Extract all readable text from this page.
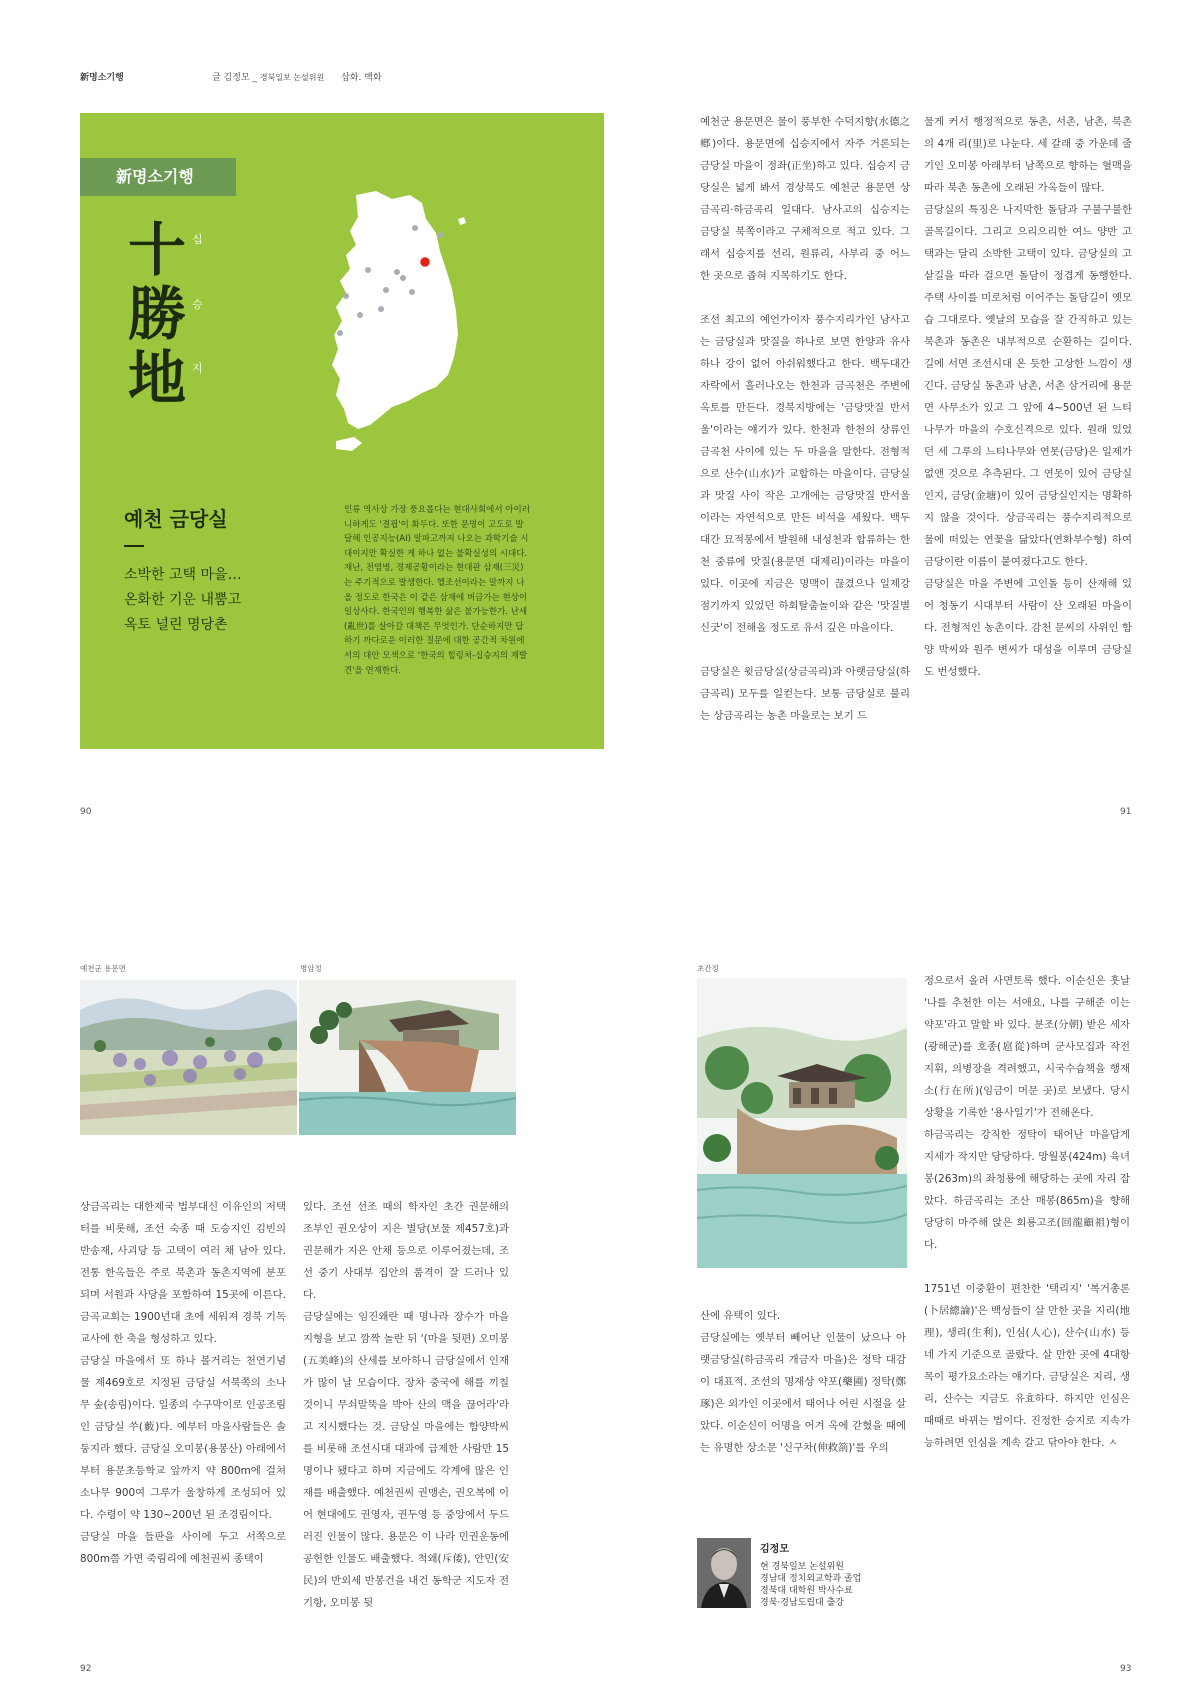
新명소기행	글 김정모 _ 경북일보 논설위원 삽화. 백화
新명소기행
十
勝
地
십
승
지
예천 금당실
소박한 고택 마을…
온화한 기운 내뿜고
옥토 널린 명당촌

인류 역사상 가장 풍요롭다는 현대사회에서 아이러니하게도 '결핍'이 화두다. 또한 문명이 고도로 발달해 인공지능(AI) 알파고까지 나오는 과학기술 시대이지만 확실한 게 하나 없는 불확실성의 시대다.

재난, 전염병, 경제공황이라는 현대판 삼재(三災)는 주기적으로 발생한다. 헬조선이라는 말까지 나올 정도로 한국은 이 같은 삼재에 버금가는 현상이 일상사다. 한국인의 행복한 삶은 불가능한가. 난세(亂世)를 살아갈 대책은 무엇인가. 단순하지만 답하기 까다로운 이러한 질문에 대한 공간적 차원에서의 대안 모색으로 '한국의 힐링처-십승지의 재발견'을 연재한다.

90

예천군 용문면은 물이 풍부한 수덕지향(水德之鄕)이다. 용문면에 십승지에서 자주 거론되는 금당실 마을이 정좌(正坐)하고 있다. 십승지 금당실은 넓게 봐서 경상북도 예천군 용문면 상금곡리·하금곡리 일대다. 남사고의 십승지는 금당실 북쪽이라고 구체적으로 적고 있다. 그래서 십승지를 선리, 원류리, 사부리 중 어느 한 곳으로 좁혀 지목하기도 한다.

조선 최고의 예언가이자 풍수지리가인 남사고는 금당실과 맛질을 하나로 보면 한양과 유사하나 강이 없어 아쉬워했다고 한다. 백두대간 자락에서 흘러나오는 한천과 금곡천은 주변에 옥토를 만든다. 경북지방에는 '금당맛질 반서울'이라는 얘기가 있다. 한천과 한천의 상류인 금곡천 사이에 있는 두 마을을 말한다. 전형적으로 산수(山水)가 교합하는 마을이다. 금당실과 맛질 사이 작은 고개에는 금당맛질 반서울이라는 자연석으로 만든 비석을 세웠다. 백두대간 묘적봉에서 발원해 내성천과 합류하는 한천 중류에 맛질(용문면 대제리)이라는 마을이 있다. 이곳에 지금은 명맥이 끊겼으나 일제강점기까지 있었던 하회탈춤놀이와 같은 '맛질별신굿'이 전해올 정도로 유서 깊은 마을이다.

금당실은 윗금당실(상금곡리)과 아랫금당실(하금곡리) 모두를 일컫는다. 보통 금당실로 불리는 상금곡리는 농촌 마을로는 보기 드

물게 커서 행정적으로 동촌, 서촌, 남촌, 북촌의 4개 리(里)로 나눈다. 세 갈래 중 가운데 줄기인 오미봉 아래부터 남쪽으로 향하는 혈맥을 따라 북촌 동촌에 오래된 가옥들이 많다.

금당실의 특징은 나지막한 돌담과 구불구불한 골목길이다. 그리고 으리으리한 여느 양반 고택과는 달리 소박한 고택이 있다. 금당실의 고샅길을 따라 걸으면 돌담이 정겹게 동행한다. 주택 사이를 미로처럼 이어주는 돌담길이 옛모습 그대로다. 옛날의 모습을 잘 간직하고 있는 북촌과 동촌은 내부적으로 순환하는 길이다. 길에 서면 조선시대 온 듯한 고상한 느낌이 생긴다. 금당실 동촌과 남촌, 서촌 삼거리에 용문면 사무소가 있고 그 앞에 4~500년 된 느티나무가 마을의 수호신격으로 있다. 원래 있었던 세 그루의 느티나무와 연못(금당)은 일제가 없앤 것으로 추측된다. 그 연못이 있어 금당실인지, 금당(金塘)이 있어 금당실인지는 명확하지 않을 것이다. 상금곡리는 풍수지리적으로 물에 떠있는 연꽃을 닮았다(연화부수형) 하여 금당이란 이름이 붙여졌다고도 한다.

금당실은 마을 주변에 고인돌 등이 산재해 있어 청동기 시대부터 사람이 산 오래된 마을이다. 전형적인 농촌이다. 감천 문씨의 사위인 함양 박씨와 원주 변씨가 대성을 이루며 금당실도 번성했다.

91
예천군 용문면	병암정

상금곡리는 대한제국 법부대신 이유인의 저택 터를 비롯해, 조선 숙종 때 도승지인 김빈의 반송재, 사괴당 등 고택이 여러 채 남아 있다. 전통 한옥들은 주로 북촌과 동촌지역에 분포되며 서원과 사당을 포함하여 15곳에 이른다. 금곡교회는 1900년대 초에 세워져 경북 기독교사에 한 축을 형성하고 있다.

금당실 마을에서 또 하나 볼거리는 천연기념물 제469호로 지정된 금당실 서북쪽의 소나무 숲(송림)이다. 일종의 수구막이로 인공조림인 금당실 쑤(藪)다. 예부터 마을사람들은 솔둥지라 했다. 금당실 오미봉(용봉산) 아래에서부터 용문초등학교 앞까지 약 800m에 걸쳐 소나무 900여 그루가 울창하게 조성되어 있다. 수령이 약 130~200년 된 조경림이다.

금당실 마을 들판을 사이에 두고 서쪽으로 800m쯤 가면 죽림리에 예천권씨 종택이

있다. 조선 선조 때의 학자인 초간 권문해의 조부인 권오상이 지은 별당(보물 제457호)과 권문해가 지은 안채 등으로 이루어졌는데, 조선 중기 사대부 집안의 품격이 잘 드러나 있다.

금당실에는 임진왜란 때 명나라 장수가 마을 지형을 보고 깜짝 놀란 뒤 '(마을 뒷편) 오미봉(五美峰)의 산세를 보아하니 금당실에서 인재가 많이 날 모습이다. 장차 중국에 해를 끼칠 것이니 무쇠말뚝을 박아 산의 맥을 끊어라'라고 지시했다는 것. 금당실 마을에는 함양박씨를 비롯해 조선시대 대과에 급제한 사람만 15명이나 됐다고 하며 지금에도 각계에 많은 인재를 배출했다. 예천권씨 권맹손, 권오복에 이어 현대에도 권영자, 권두영 등 중앙에서 두드러진 인물이 많다. 용문은 이 나라 민권운동에 공헌한 인물도 배출했다. 척왜(斥倭), 안민(安民)의 반외세 반봉건을 내건 동학군 지도자 전기항, 오미봉 뒷

92
초간정

산에 유택이 있다.

금당실에는 옛부터 빼어난 인물이 났으나 아랫금당실(하금곡리 개금자 마을)은 정탁 대감이 대표적. 조선의 명재상 약포(藥圃) 정탁(鄭琢)은 외가인 이곳에서 태어나 어린 시절을 살았다. 이순신이 어명을 어겨 옥에 갇혔을 때에는 유명한 상소문 '신구차(伸救箚)'를 우의

정으로서 올려 사면토록 했다. 이순신은 훗날 '나를 추천한 이는 서애요, 나를 구해준 이는 약포'라고 말할 바 있다. 분조(分朝) 받은 세자(광해군)를 호종(扈從)하며 군사모집과 작전지휘, 의병장을 격려했고, 시국수습책을 행재소(行在所)(임금이 머문 곳)로 보냈다. 당시 상황을 기록한 '용사일기'가 전해온다.

하금곡리는 강직한 정탁이 태어난 마을답게 지세가 작지만 당당하다. 망월봉(424m) 육녀봉(263m)의 좌청룡에 해당하는 곳에 자리 잡았다. 하금곡리는 조산 매봉(865m)을 향해 당당히 마주해 앉은 회룡고조(回龍顧祖)형이다.

1751년 이중환이 편찬한 '택리지' '복거총론(卜居總論)'은 백성들이 살 만한 곳을 지리(地理), 생리(生利), 인심(人心), 산수(山水) 등 네 가지 기준으로 골랐다. 살 만한 곳에 4대항목이 평가요소라는 얘기다. 금당실은 지리, 생리, 산수는 지금도 유효하다. 하지만 인심은 때때로 바뀌는 법이다. 진정한 승지로 지속가능하려면 인심을 계속 갈고 닦아야 한다. ㅅ

김정모
현 경북일보 논설위원
경남대 정치외교학과 졸업
경북대 대학원 박사수료
경북·경남도립대 출강
93
